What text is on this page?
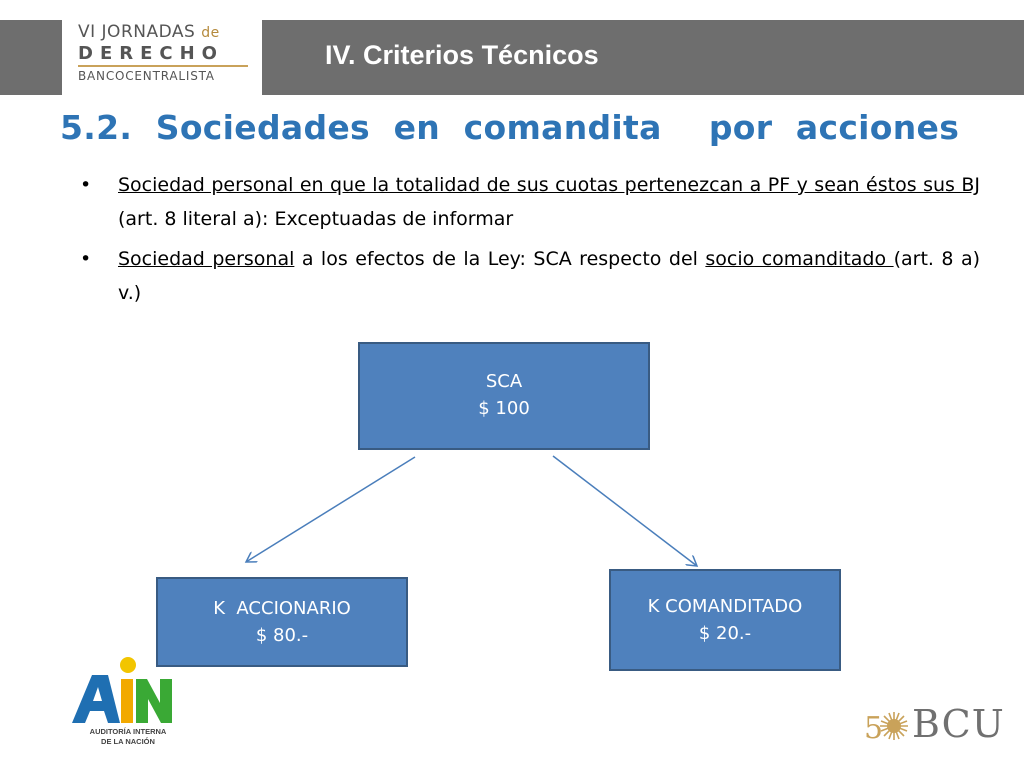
VI JORNADAS de
DERECHO
BANCOCENTRALISTA
IV. Criterios Técnicos
5.2.  Sociedades  en  comandita    por  acciones
• Sociedad personal en que la totalidad de sus cuotas pertenezcan a PF y sean éstos sus BJ (art. 8 literal a): Exceptuadas de informar
• Sociedad personal a los efectos de la Ley: SCA respecto del socio comanditado (art. 8 a) v.)
SCA
$ 100
K  ACCIONARIO
$ 80.-
K COMANDITADO
$ 20.-
AUDITORÍA INTERNA
DE LA NACIÓN	5 BCU
